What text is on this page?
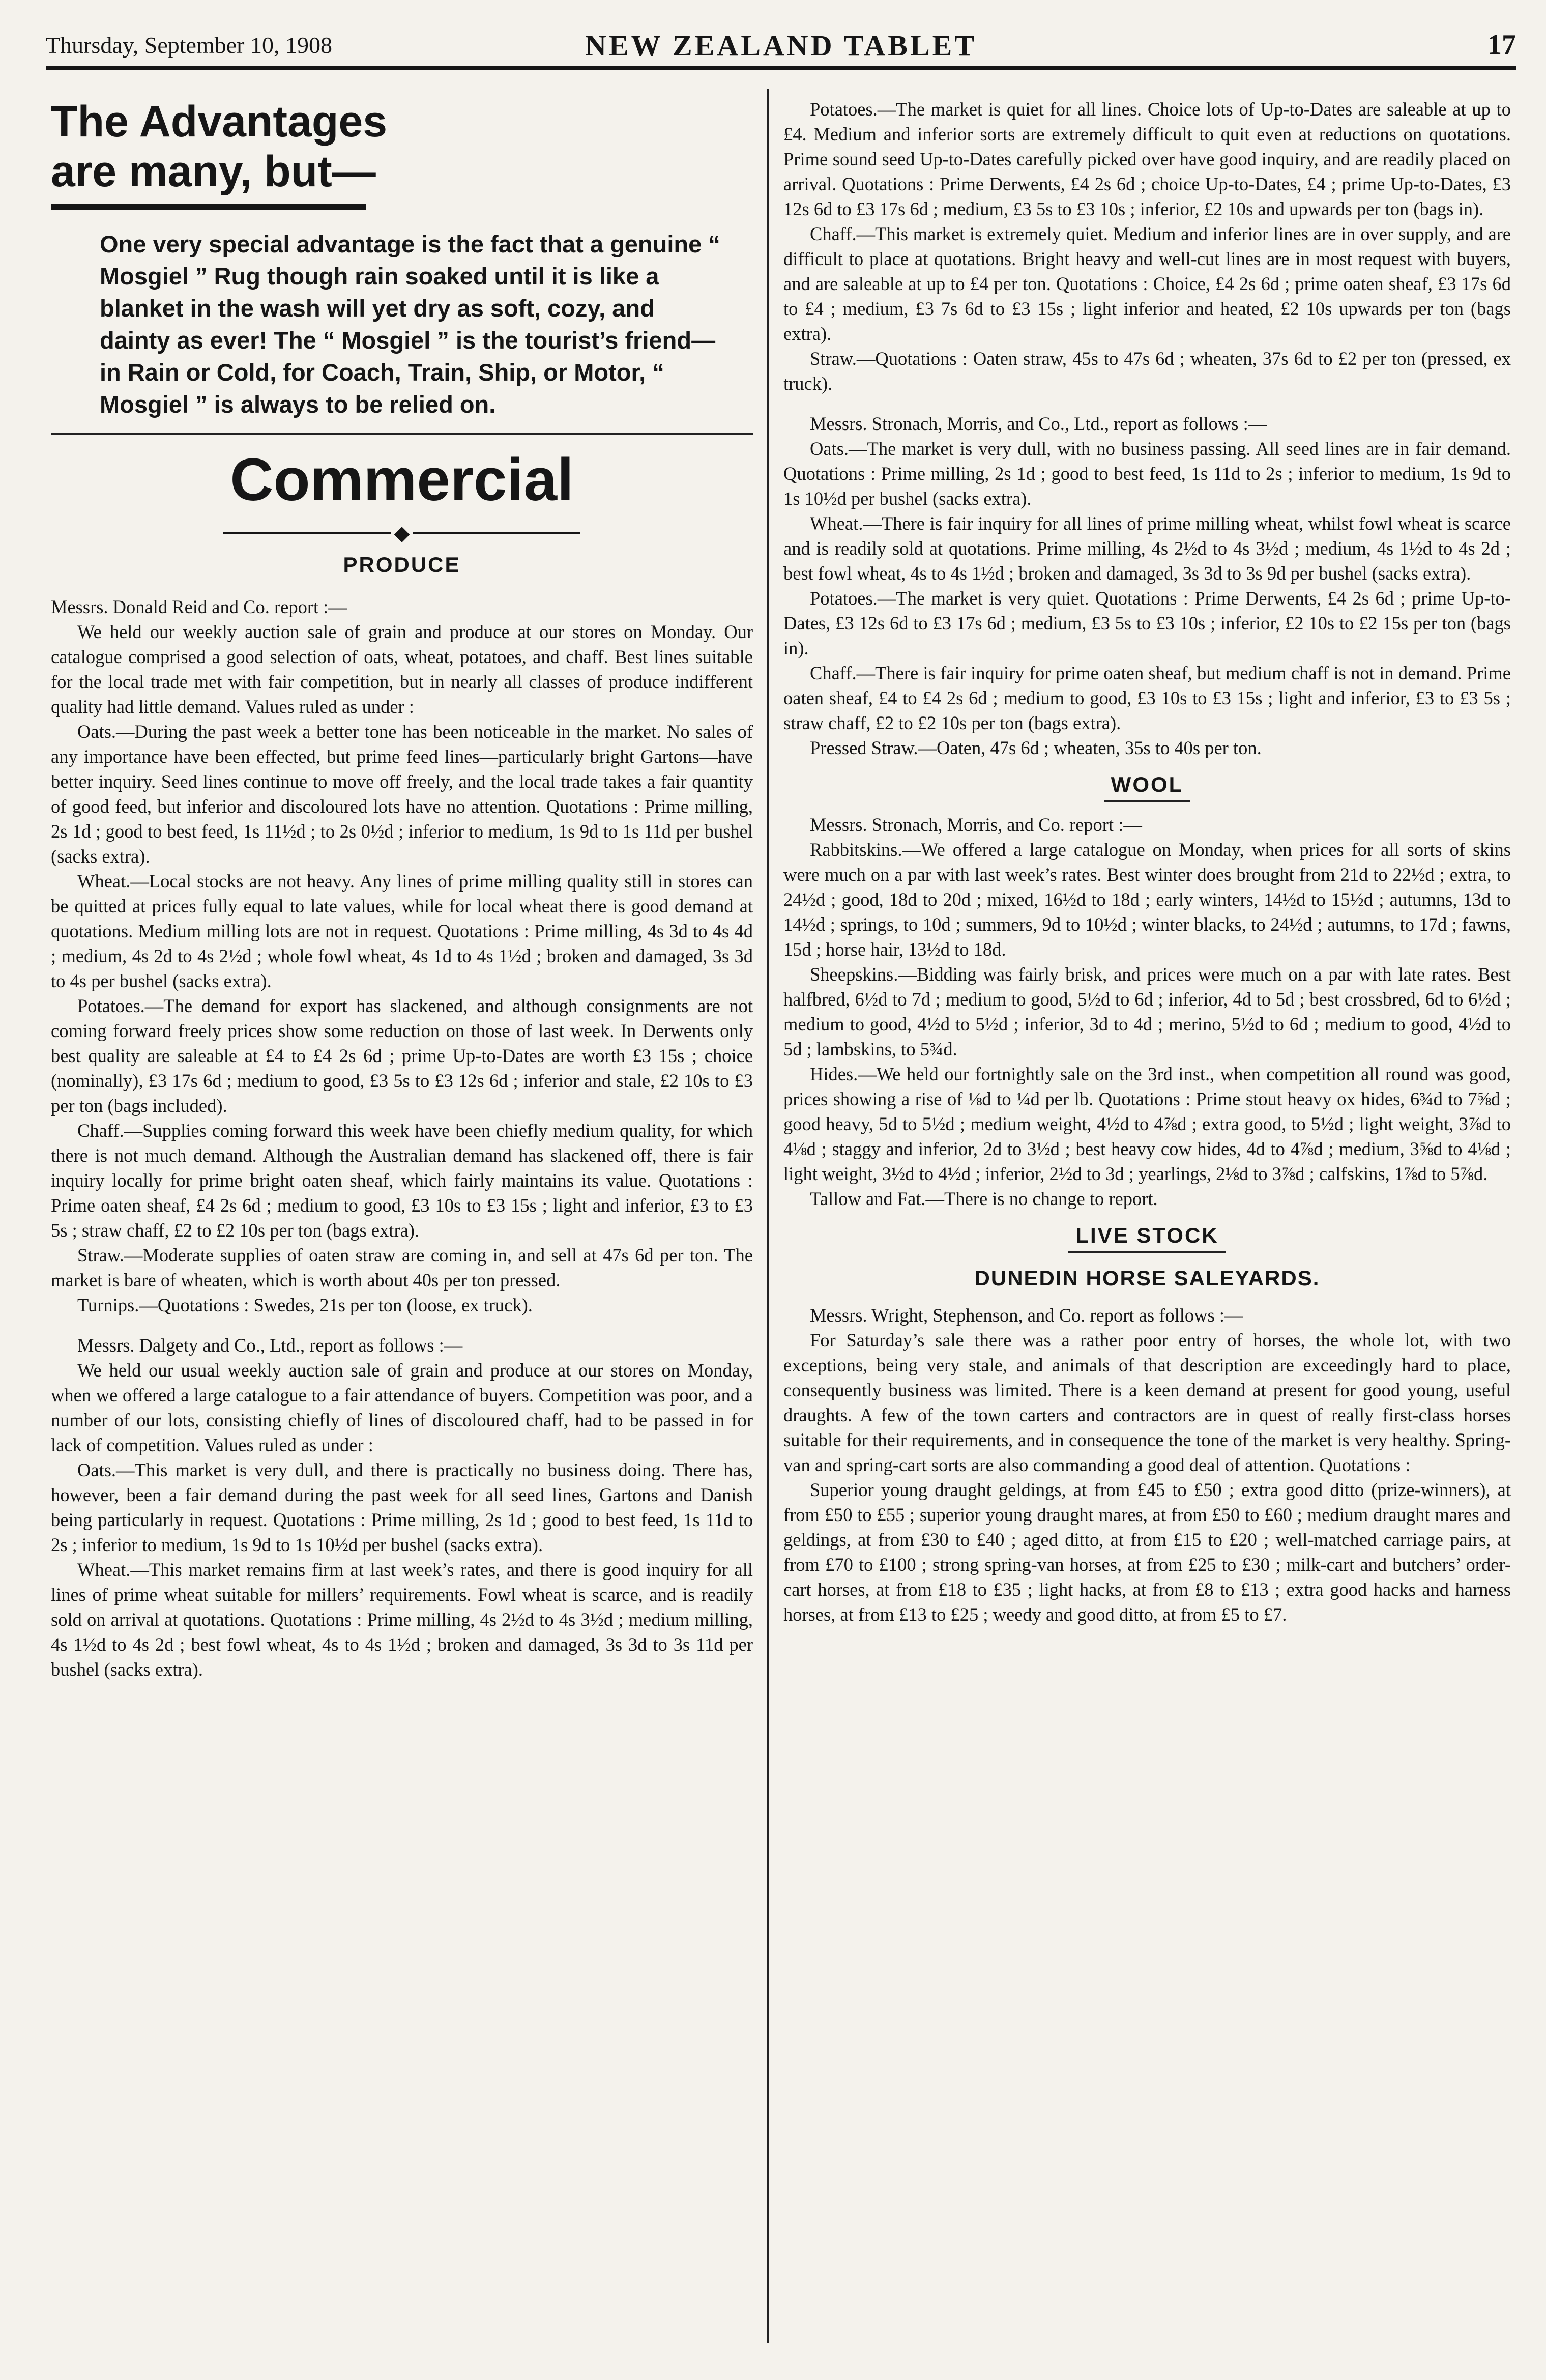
Thursday, September 10, 1908	NEW ZEALAND TABLET	17
The Advantages are many, but—

One very special advantage is the fact that a genuine “ Mosgiel ” Rug though rain soaked until it is like a blanket in the wash will yet dry as soft, cozy, and dainty as ever! The “ Mosgiel ” is the tourist’s friend—in Rain or Cold, for Coach, Train, Ship, or Motor, “ Mosgiel ” is always to be relied on.

Commercial
◆
PRODUCE

Messrs. Donald Reid and Co. report :—

We held our weekly auction sale of grain and produce at our stores on Monday. Our catalogue comprised a good selection of oats, wheat, potatoes, and chaff. Best lines suitable for the local trade met with fair competition, but in nearly all classes of produce indifferent quality had little demand. Values ruled as under :

Oats.—During the past week a better tone has been noticeable in the market. No sales of any importance have been effected, but prime feed lines—particularly bright Gartons—have better inquiry. Seed lines continue to move off freely, and the local trade takes a fair quantity of good feed, but inferior and discoloured lots have no attention. Quotations : Prime milling, 2s 1d ; good to best feed, 1s 11½d ; to 2s 0½d ; inferior to medium, 1s 9d to 1s 11d per bushel (sacks extra).

Wheat.—Local stocks are not heavy. Any lines of prime milling quality still in stores can be quitted at prices fully equal to late values, while for local wheat there is good demand at quotations. Medium milling lots are not in request. Quotations : Prime milling, 4s 3d to 4s 4d ; medium, 4s 2d to 4s 2½d ; whole fowl wheat, 4s 1d to 4s 1½d ; broken and damaged, 3s 3d to 4s per bushel (sacks extra).

Potatoes.—The demand for export has slackened, and although consignments are not coming forward freely prices show some reduction on those of last week. In Derwents only best quality are saleable at £4 to £4 2s 6d ; prime Up-to-Dates are worth £3 15s ; choice (nominally), £3 17s 6d ; medium to good, £3 5s to £3 12s 6d ; inferior and stale, £2 10s to £3 per ton (bags included).

Chaff.—Supplies coming forward this week have been chiefly medium quality, for which there is not much demand. Although the Australian demand has slackened off, there is fair inquiry locally for prime bright oaten sheaf, which fairly maintains its value. Quotations : Prime oaten sheaf, £4 2s 6d ; medium to good, £3 10s to £3 15s ; light and inferior, £3 to £3 5s ; straw chaff, £2 to £2 10s per ton (bags extra).

Straw.—Moderate supplies of oaten straw are coming in, and sell at 47s 6d per ton. The market is bare of wheaten, which is worth about 40s per ton pressed.

Turnips.—Quotations : Swedes, 21s per ton (loose, ex truck).

Messrs. Dalgety and Co., Ltd., report as follows :—

We held our usual weekly auction sale of grain and produce at our stores on Monday, when we offered a large catalogue to a fair attendance of buyers. Competition was poor, and a number of our lots, consisting chiefly of lines of discoloured chaff, had to be passed in for lack of competition. Values ruled as under :

Oats.—This market is very dull, and there is practically no business doing. There has, however, been a fair demand during the past week for all seed lines, Gartons and Danish being particularly in request. Quotations : Prime milling, 2s 1d ; good to best feed, 1s 11d to 2s ; inferior to medium, 1s 9d to 1s 10½d per bushel (sacks extra).

Wheat.—This market remains firm at last week’s rates, and there is good inquiry for all lines of prime wheat suitable for millers’ requirements. Fowl wheat is scarce, and is readily sold on arrival at quotations. Quotations : Prime milling, 4s 2½d to 4s 3½d ; medium milling, 4s 1½d to 4s 2d ; best fowl wheat, 4s to 4s 1½d ; broken and damaged, 3s 3d to 3s 11d per bushel (sacks extra).

Potatoes.—The market is quiet for all lines. Choice lots of Up-to-Dates are saleable at up to £4. Medium and inferior sorts are extremely difficult to quit even at reductions on quotations. Prime sound seed Up-to-Dates carefully picked over have good inquiry, and are readily placed on arrival. Quotations : Prime Derwents, £4 2s 6d ; choice Up-to-Dates, £4 ; prime Up-to-Dates, £3 12s 6d to £3 17s 6d ; medium, £3 5s to £3 10s ; inferior, £2 10s and upwards per ton (bags in).

Chaff.—This market is extremely quiet. Medium and inferior lines are in over supply, and are difficult to place at quotations. Bright heavy and well-cut lines are in most request with buyers, and are saleable at up to £4 per ton. Quotations : Choice, £4 2s 6d ; prime oaten sheaf, £3 17s 6d to £4 ; medium, £3 7s 6d to £3 15s ; light inferior and heated, £2 10s upwards per ton (bags extra).

Straw.—Quotations : Oaten straw, 45s to 47s 6d ; wheaten, 37s 6d to £2 per ton (pressed, ex truck).

Messrs. Stronach, Morris, and Co., Ltd., report as follows :—

Oats.—The market is very dull, with no business passing. All seed lines are in fair demand. Quotations : Prime milling, 2s 1d ; good to best feed, 1s 11d to 2s ; inferior to medium, 1s 9d to 1s 10½d per bushel (sacks extra).

Wheat.—There is fair inquiry for all lines of prime milling wheat, whilst fowl wheat is scarce and is readily sold at quotations. Prime milling, 4s 2½d to 4s 3½d ; medium, 4s 1½d to 4s 2d ; best fowl wheat, 4s to 4s 1½d ; broken and damaged, 3s 3d to 3s 9d per bushel (sacks extra).

Potatoes.—The market is very quiet. Quotations : Prime Derwents, £4 2s 6d ; prime Up-to-Dates, £3 12s 6d to £3 17s 6d ; medium, £3 5s to £3 10s ; inferior, £2 10s to £2 15s per ton (bags in).

Chaff.—There is fair inquiry for prime oaten sheaf, but medium chaff is not in demand. Prime oaten sheaf, £4 to £4 2s 6d ; medium to good, £3 10s to £3 15s ; light and inferior, £3 to £3 5s ; straw chaff, £2 to £2 10s per ton (bags extra).

Pressed Straw.—Oaten, 47s 6d ; wheaten, 35s to 40s per ton.

WOOL

Messrs. Stronach, Morris, and Co. report :—

Rabbitskins.—We offered a large catalogue on Monday, when prices for all sorts of skins were much on a par with last week’s rates. Best winter does brought from 21d to 22½d ; extra, to 24½d ; good, 18d to 20d ; mixed, 16½d to 18d ; early winters, 14½d to 15½d ; autumns, 13d to 14½d ; springs, to 10d ; summers, 9d to 10½d ; winter blacks, to 24½d ; autumns, to 17d ; fawns, 15d ; horse hair, 13½d to 18d.

Sheepskins.—Bidding was fairly brisk, and prices were much on a par with late rates. Best halfbred, 6½d to 7d ; medium to good, 5½d to 6d ; inferior, 4d to 5d ; best crossbred, 6d to 6½d ; medium to good, 4½d to 5½d ; inferior, 3d to 4d ; merino, 5½d to 6d ; medium to good, 4½d to 5d ; lambskins, to 5¾d.

Hides.—We held our fortnightly sale on the 3rd inst., when competition all round was good, prices showing a rise of ⅛d to ¼d per lb. Quotations : Prime stout heavy ox hides, 6¾d to 7⅝d ; good heavy, 5d to 5½d ; medium weight, 4½d to 4⅞d ; extra good, to 5½d ; light weight, 3⅞d to 4⅛d ; staggy and inferior, 2d to 3½d ; best heavy cow hides, 4d to 4⅞d ; medium, 3⅝d to 4⅛d ; light weight, 3½d to 4½d ; inferior, 2½d to 3d ; yearlings, 2⅛d to 3⅞d ; calfskins, 1⅞d to 5⅞d.

Tallow and Fat.—There is no change to report.

LIVE STOCK
DUNEDIN HORSE SALEYARDS.

Messrs. Wright, Stephenson, and Co. report as follows :—

For Saturday’s sale there was a rather poor entry of horses, the whole lot, with two exceptions, being very stale, and animals of that description are exceedingly hard to place, consequently business was limited. There is a keen demand at present for good young, useful draughts. A few of the town carters and contractors are in quest of really first-class horses suitable for their requirements, and in consequence the tone of the market is very healthy. Spring-van and spring-cart sorts are also commanding a good deal of attention. Quotations :

Superior young draught geldings, at from £45 to £50 ; extra good ditto (prize-winners), at from £50 to £55 ; superior young draught mares, at from £50 to £60 ; medium draught mares and geldings, at from £30 to £40 ; aged ditto, at from £15 to £20 ; well-matched carriage pairs, at from £70 to £100 ; strong spring-van horses, at from £25 to £30 ; milk-cart and butchers’ order-cart horses, at from £18 to £35 ; light hacks, at from £8 to £13 ; extra good hacks and harness horses, at from £13 to £25 ; weedy and good ditto, at from £5 to £7.
